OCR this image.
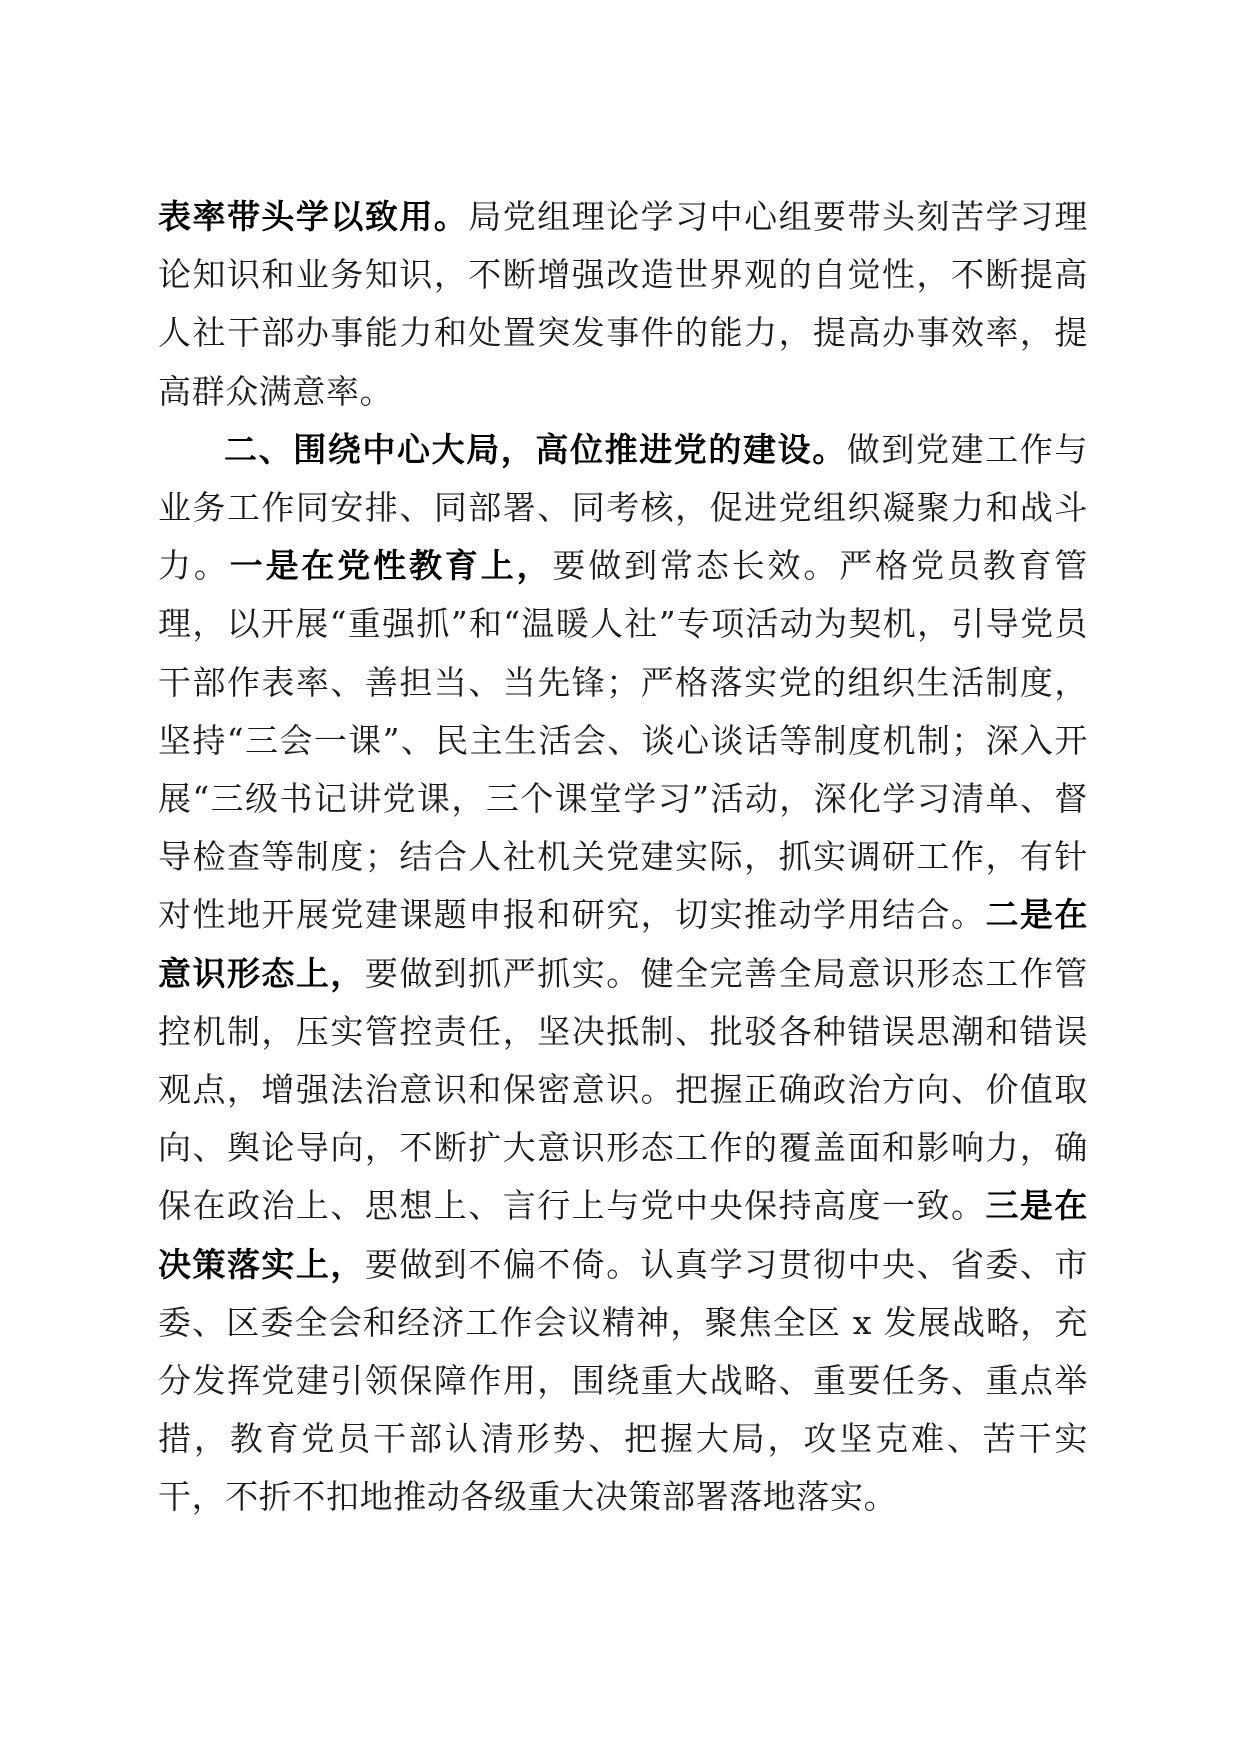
表率带头学以致用。局党组理论学习中心组要带头刻苦学习理论知识和业务知识，不断增强改造世界观的自觉性，不断提高人社干部办事能力和处置突发事件的能力，提高办事效率，提高群众满意率。

二、围绕中心大局，高位推进党的建设。做到党建工作与业务工作同安排、同部署、同考核，促进党组织凝聚力和战斗力。一是在党性教育上，要做到常态长效。严格党员教育管理，以开展“重强抓”和“温暖人社”专项活动为契机，引导党员干部作表率、善担当、当先锋；严格落实党的组织生活制度，坚持“三会一课”、民主生活会、谈心谈话等制度机制；深入开展“三级书记讲党课，三个课堂学习”活动，深化学习清单、督导检查等制度；结合人社机关党建实际，抓实调研工作，有针对性地开展党建课题申报和研究，切实推动学用结合。二是在意识形态上，要做到抓严抓实。健全完善全局意识形态工作管控机制，压实管控责任，坚决抵制、批驳各种错误思潮和错误观点，增强法治意识和保密意识。把握正确政治方向、价值取向、舆论导向，不断扩大意识形态工作的覆盖面和影响力，确保在政治上、思想上、言行上与党中央保持高度一致。三是在决策落实上，要做到不偏不倚。认真学习贯彻中央、省委、市委、区委全会和经济工作会议精神，聚焦全区 x 发展战略，充分发挥党建引领保障作用，围绕重大战略、重要任务、重点举措，教育党员干部认清形势、把握大局，攻坚克难、苦干实干，不折不扣地推动各级重大决策部署落地落实。
